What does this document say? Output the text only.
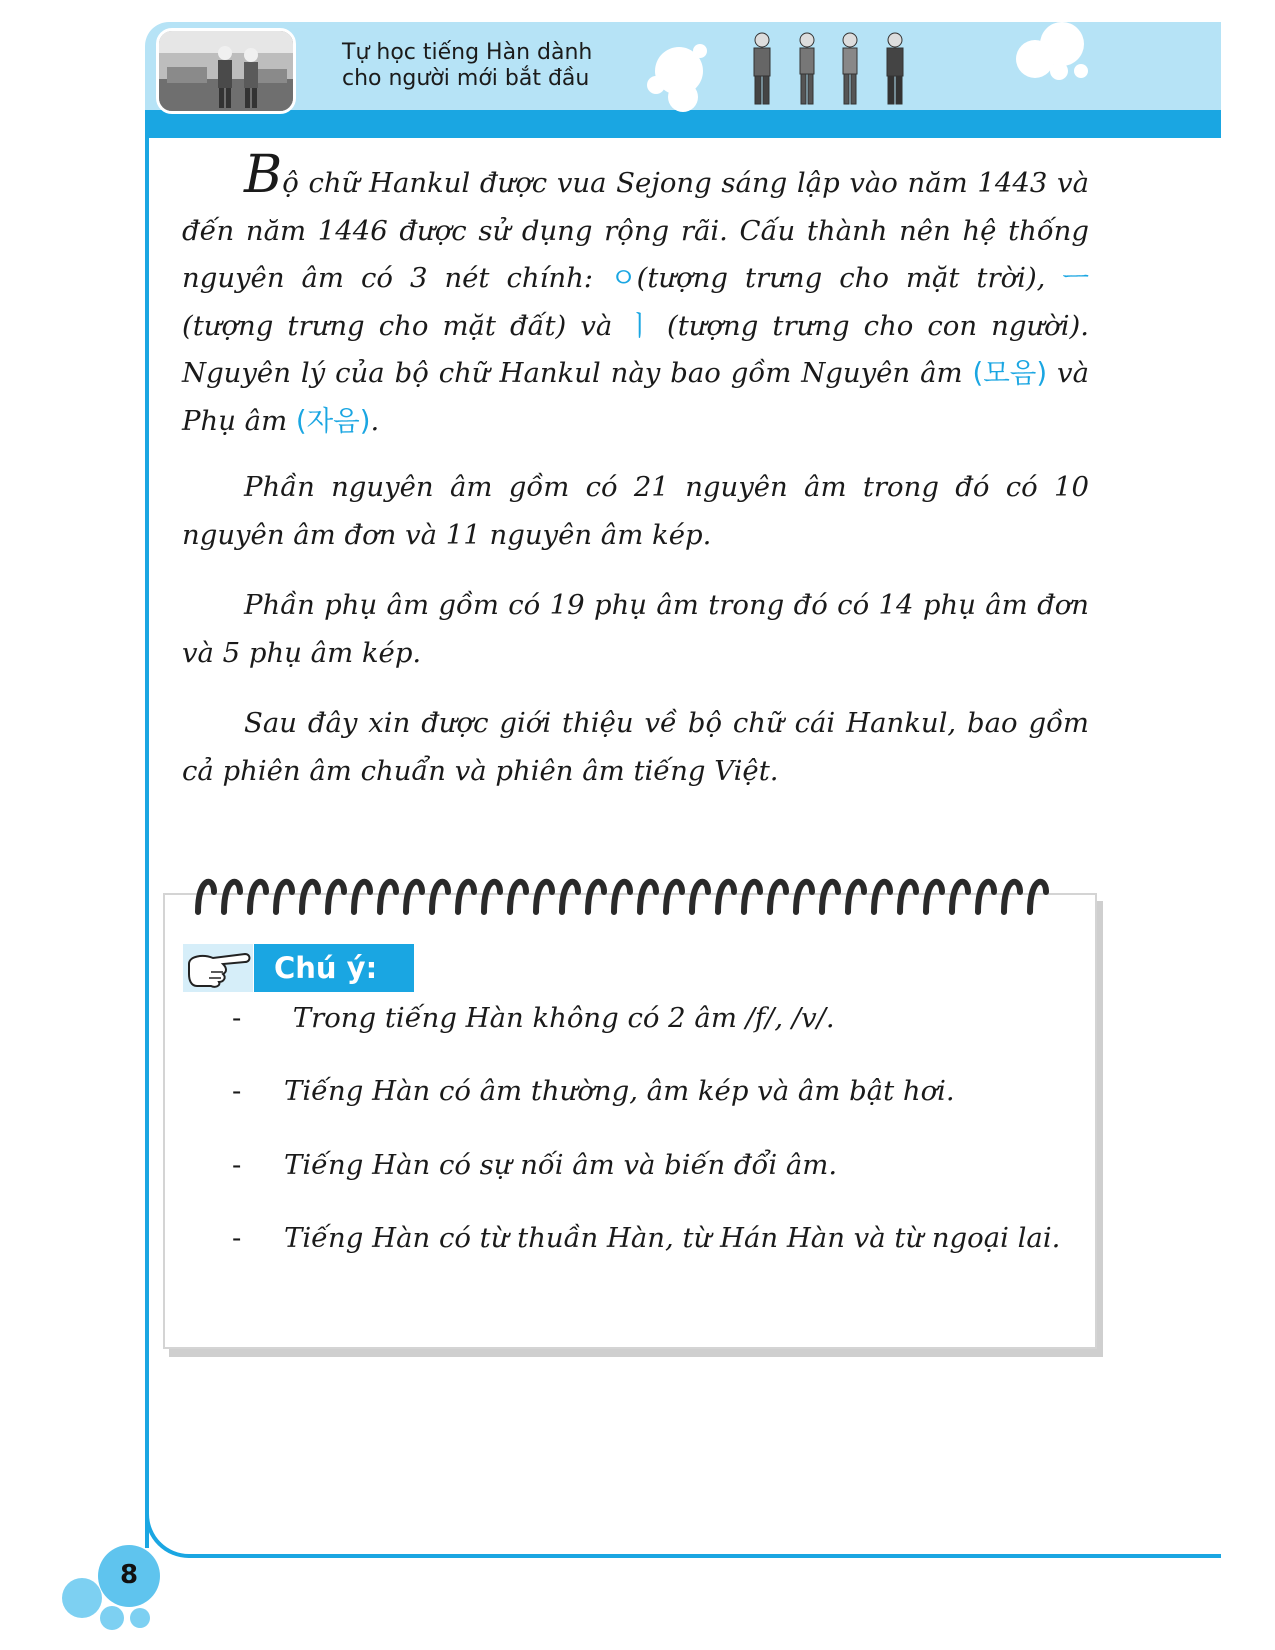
Tự học tiếng Hàn dành
cho người mới bắt đầu

Bộ chữ Hankul được vua Sejong sáng lập vào năm 1443 và đến năm 1446 được sử dụng rộng rãi. Cấu thành nên hệ thống nguyên âm có 3 nét chính: ㅇ(tượng trưng cho mặt trời), ㅡ(tượng trưng cho mặt đất) và ㅣ (tượng trưng cho con người). Nguyên lý của bộ chữ Hankul này bao gồm Nguyên âm (모음) và Phụ âm (자음).

Phần nguyên âm gồm có 21 nguyên âm trong đó có 10 nguyên âm đơn và 11 nguyên âm kép.

Phần phụ âm gồm có 19 phụ âm trong đó có 14 phụ âm đơn và 5 phụ âm kép.

Sau đây xin được giới thiệu về bộ chữ cái Hankul, bao gồm cả phiên âm chuẩn và phiên âm tiếng Việt.

Chú ý:
- Trong tiếng Hàn không có 2 âm /f/, /v/.
- Tiếng Hàn có âm thường, âm kép và âm bật hơi.
- Tiếng Hàn có sự nối âm và biến đổi âm.
- Tiếng Hàn có từ thuần Hàn, từ Hán Hàn và từ ngoại lai.
8
